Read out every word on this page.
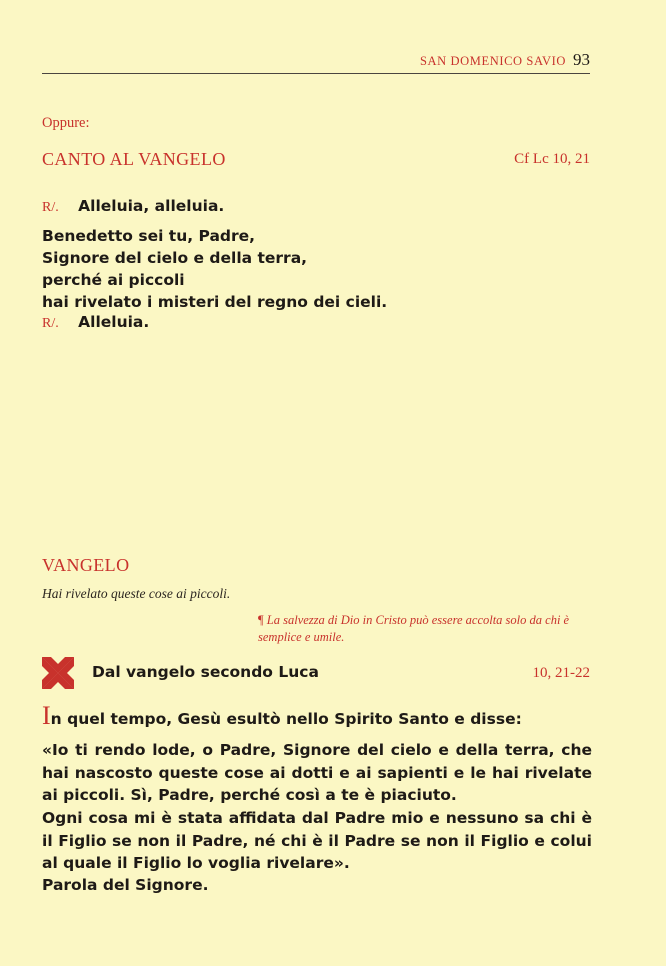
SAN DOMENICO SAVIO 93
Oppure:
CANTO AL VANGELO	Cf Lc 10, 21
R/. Alleluia, alleluia.
Benedetto sei tu, Padre,
Signore del cielo e della terra,
perché ai piccoli
hai rivelato i misteri del regno dei cieli.
R/. Alleluia.
VANGELO
Hai rivelato queste cose ai piccoli.
¶ La salvezza di Dio in Cristo può essere accolta solo da chi è semplice e umile.
Dal vangelo secondo Luca	10, 21-22
In quel tempo, Gesù esultò nello Spirito Santo e disse:
«Io ti rendo lode, o Padre, Signore del cielo e della terra, che hai nascosto queste cose ai dotti e ai sapienti e le hai rivelate ai piccoli. Sì, Padre, perché così a te è piaciuto.
Ogni cosa mi è stata affidata dal Padre mio e nessuno sa chi è il Figlio se non il Padre, né chi è il Padre se non il Figlio e colui al quale il Figlio lo voglia rivelare».
Parola del Signore.
